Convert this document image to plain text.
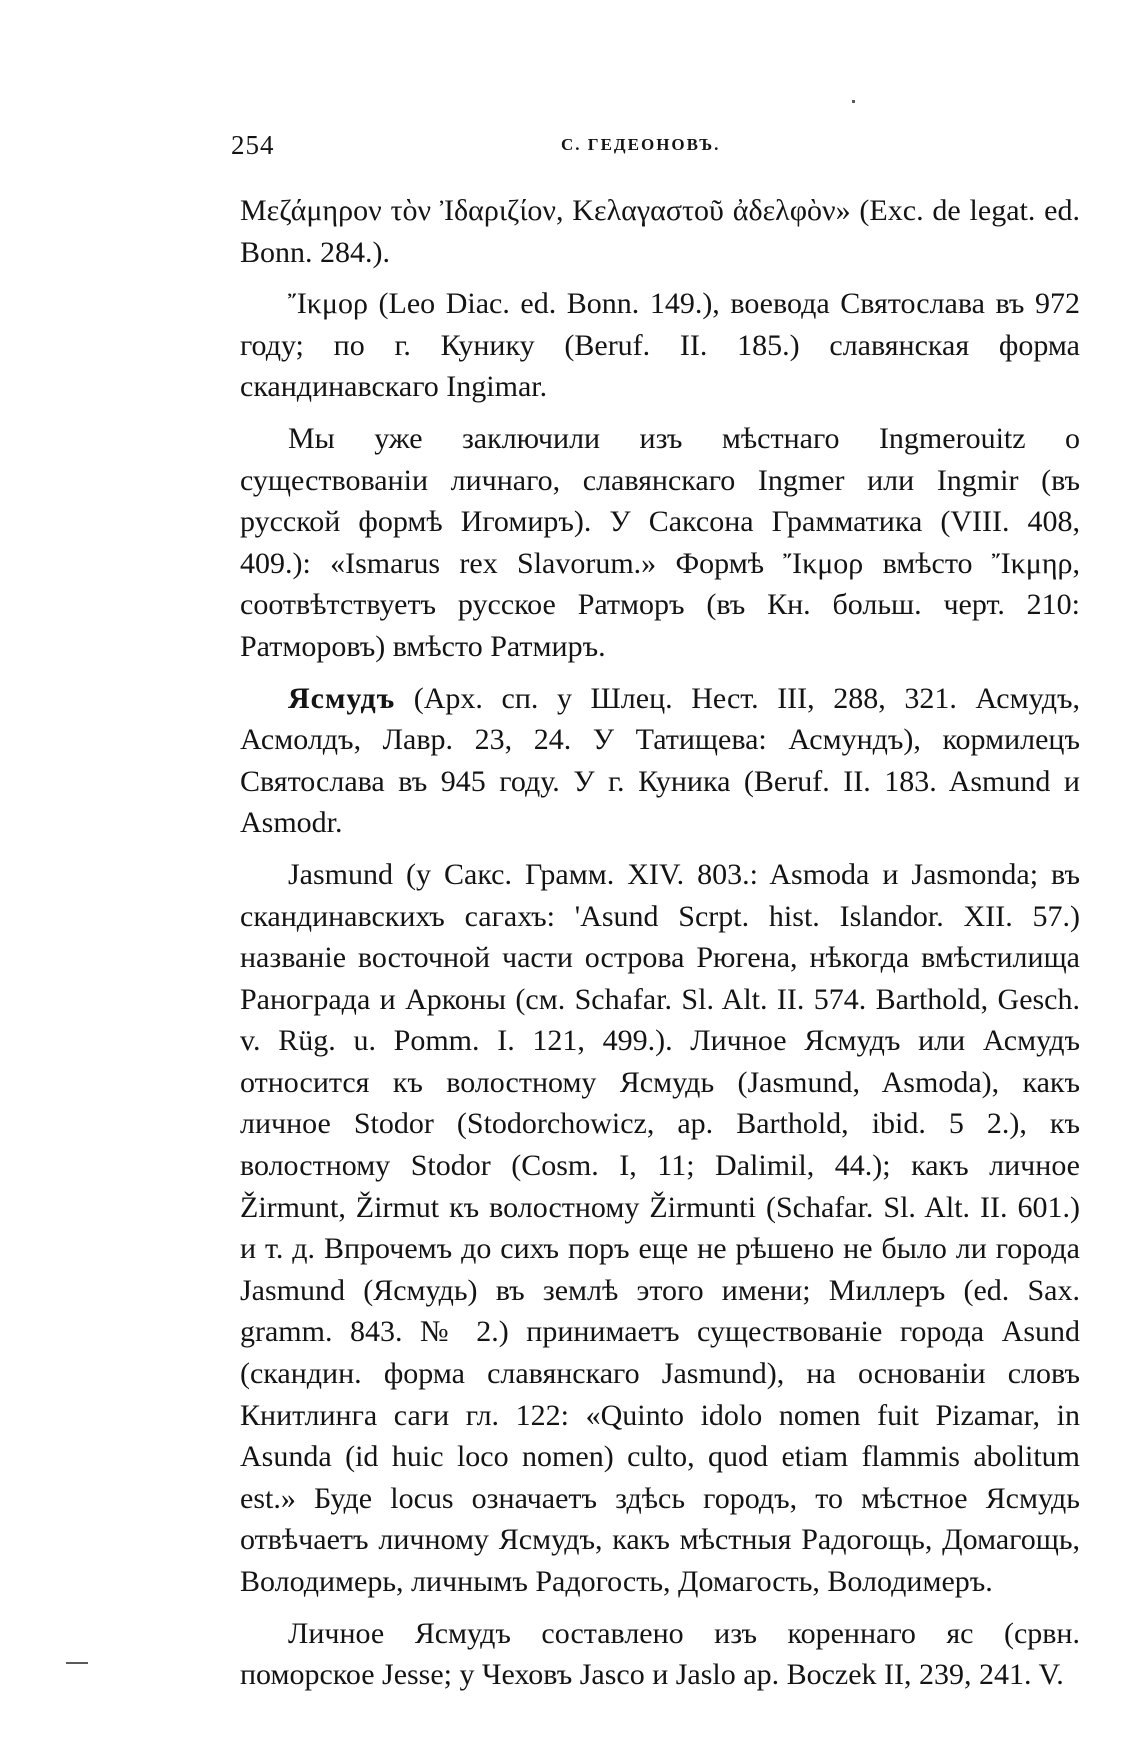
254	С. ГЕДЕОНОВЪ.

Μεζάμηρον τὸν Ἰδαριζίον, Κελαγαστοῦ ἀδελφὸν» (Exc. de legat. ed. Bonn. 284.).

Ἴκμορ (Leo Diac. ed. Bonn. 149.), воевода Святослава въ 972 году; по г. Кунику (Beruf. II. 185.) славянская форма скандинавскаго Ingimar.

Мы уже заключили изъ мѣстнаго Ingmerouitz о существованіи личнаго, славянскаго Ingmer или Ingmir (въ русской формѣ Игомиръ). У Саксона Грамматика (VIII. 408, 409.): «Ismarus rex Slavorum.» Формѣ Ἴκμορ вмѣсто Ἴκμηρ, соотвѣтствуетъ русское Ратморъ (въ Кн. больш. черт. 210: Ратморовъ) вмѣсто Ратмиръ.

Ясмудъ (Арх. сп. у Шлец. Нест. III, 288, 321. Асмудъ, Асмолдъ, Лавр. 23, 24. У Татищева: Асмундъ), кормилецъ Святослава въ 945 году. У г. Куника (Beruf. II. 183. Asmund и Asmodr.

Jasmund (у Сакс. Грамм. XIV. 803.: Asmoda и Jasmonda; въ скандинавскихъ сагахъ: 'Asund Scrpt. hist. Islandor. XII. 57.) названіе восточной части острова Рюгена, нѣкогда вмѣстилища Ранограда и Арконы (см. Schafar. Sl. Alt. II. 574. Barthold, Gesch. v. Rüg. u. Pomm. I. 121, 499.). Личное Ясмудъ или Асмудъ относится къ волостному Ясмудь (Jasmund, Asmoda), какъ личное Stodor (Stodorchowicz, ap. Barthold, ibid. 5 2.), къ волостному Stodor (Cosm. I, 11; Dalimil, 44.); какъ личное Žirmunt, Žirmut къ волостному Žirmunti (Schafar. Sl. Alt. II. 601.) и т. д. Впрочемъ до сихъ поръ еще не рѣшено не было ли города Jasmund (Ясмудь) въ землѣ этого имени; Миллеръ (ed. Sax. gramm. 843. № 2.) принимаетъ существованіе города Asund (скандин. форма славянскаго Jasmund), на основаніи словъ Книтлинга саги гл. 122: «Quinto idolo nomen fuit Pizamar, in Asunda (id huic loco nomen) culto, quod etiam flammis abolitum est.» Буде locus означаетъ здѣсь городъ, то мѣстное Ясмудь отвѣчаетъ личному Ясмудъ, какъ мѣстныя Радогощь, Домагощь, Володимерь, личнымъ Радогость, Домагость, Володимеръ.

Личное Ясмудъ составлено изъ кореннаго яс (срвн. поморское Jesse; у Чеховъ Jasco и Jaslo ap. Boczek II, 239, 241. V.
